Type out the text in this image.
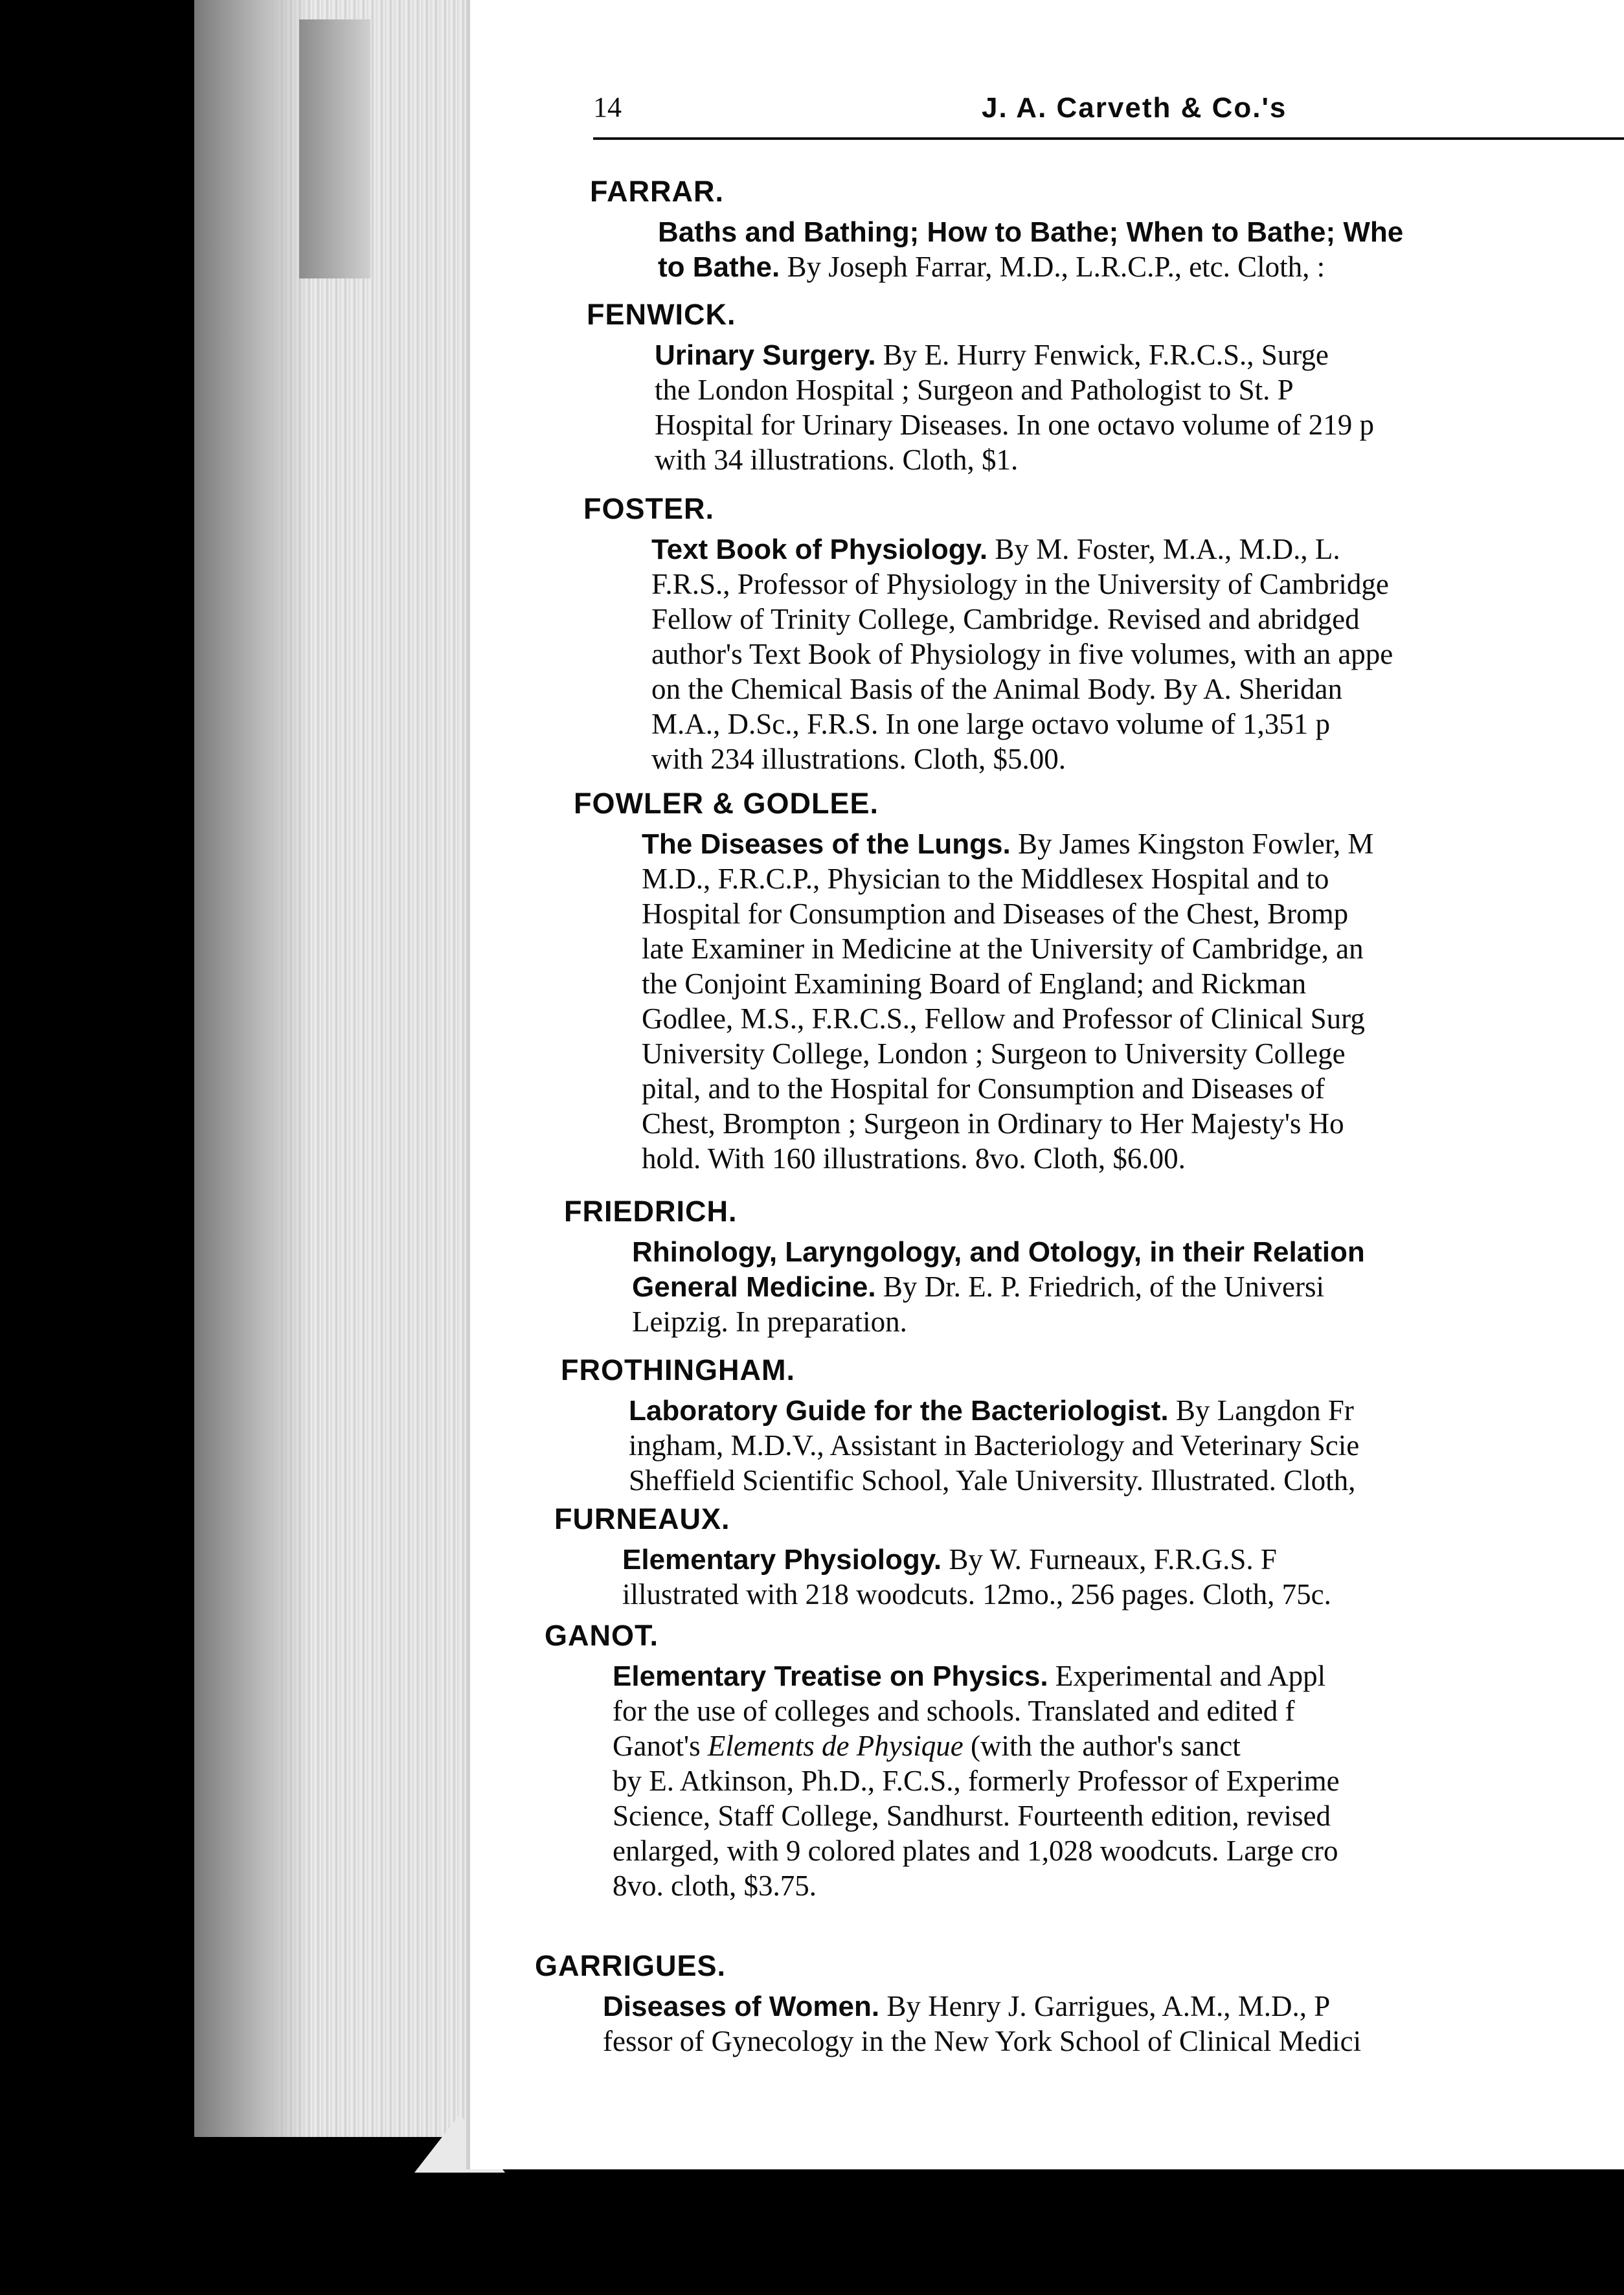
14	J. A. Carveth & Co.'s
FARRAR.
Baths and Bathing; How to Bathe; When to Bathe; Whe
to Bathe. By Joseph Farrar, M.D., L.R.C.P., etc. Cloth, :
FENWICK.
Urinary Surgery. By E. Hurry Fenwick, F.R.C.S., Surge
the London Hospital ; Surgeon and Pathologist to St. P
Hospital for Urinary Diseases. In one octavo volume of 219 p
with 34 illustrations. Cloth, $1.
FOSTER.
Text Book of Physiology. By M. Foster, M.A., M.D., L.
F.R.S., Professor of Physiology in the University of Cambridge
Fellow of Trinity College, Cambridge. Revised and abridged
author's Text Book of Physiology in five volumes, with an appe
on the Chemical Basis of the Animal Body. By A. Sheridan
M.A., D.Sc., F.R.S. In one large octavo volume of 1,351 p
with 234 illustrations. Cloth, $5.00.
FOWLER & GODLEE.
The Diseases of the Lungs. By James Kingston Fowler, M
M.D., F.R.C.P., Physician to the Middlesex Hospital and to
Hospital for Consumption and Diseases of the Chest, Bromp
late Examiner in Medicine at the University of Cambridge, an
the Conjoint Examining Board of England; and Rickman
Godlee, M.S., F.R.C.S., Fellow and Professor of Clinical Surg
University College, London ; Surgeon to University College
pital, and to the Hospital for Consumption and Diseases of
Chest, Brompton ; Surgeon in Ordinary to Her Majesty's Ho
hold. With 160 illustrations. 8vo. Cloth, $6.00.
FRIEDRICH.
Rhinology, Laryngology, and Otology, in their Relation
General Medicine. By Dr. E. P. Friedrich, of the Universi
Leipzig. In preparation.
FROTHINGHAM.
Laboratory Guide for the Bacteriologist. By Langdon Fr
ingham, M.D.V., Assistant in Bacteriology and Veterinary Scie
Sheffield Scientific School, Yale University. Illustrated. Cloth,
FURNEAUX.
Elementary Physiology. By W. Furneaux, F.R.G.S. F
illustrated with 218 woodcuts. 12mo., 256 pages. Cloth, 75c.
GANOT.
Elementary Treatise on Physics. Experimental and Appl
for the use of colleges and schools. Translated and edited f
Ganot's Elements de Physique (with the author's sanct
by E. Atkinson, Ph.D., F.C.S., formerly Professor of Experime
Science, Staff College, Sandhurst. Fourteenth edition, revised
enlarged, with 9 colored plates and 1,028 woodcuts. Large cro
8vo. cloth, $3.75.
GARRIGUES.
Diseases of Women. By Henry J. Garrigues, A.M., M.D., P
fessor of Gynecology in the New York School of Clinical Medici
